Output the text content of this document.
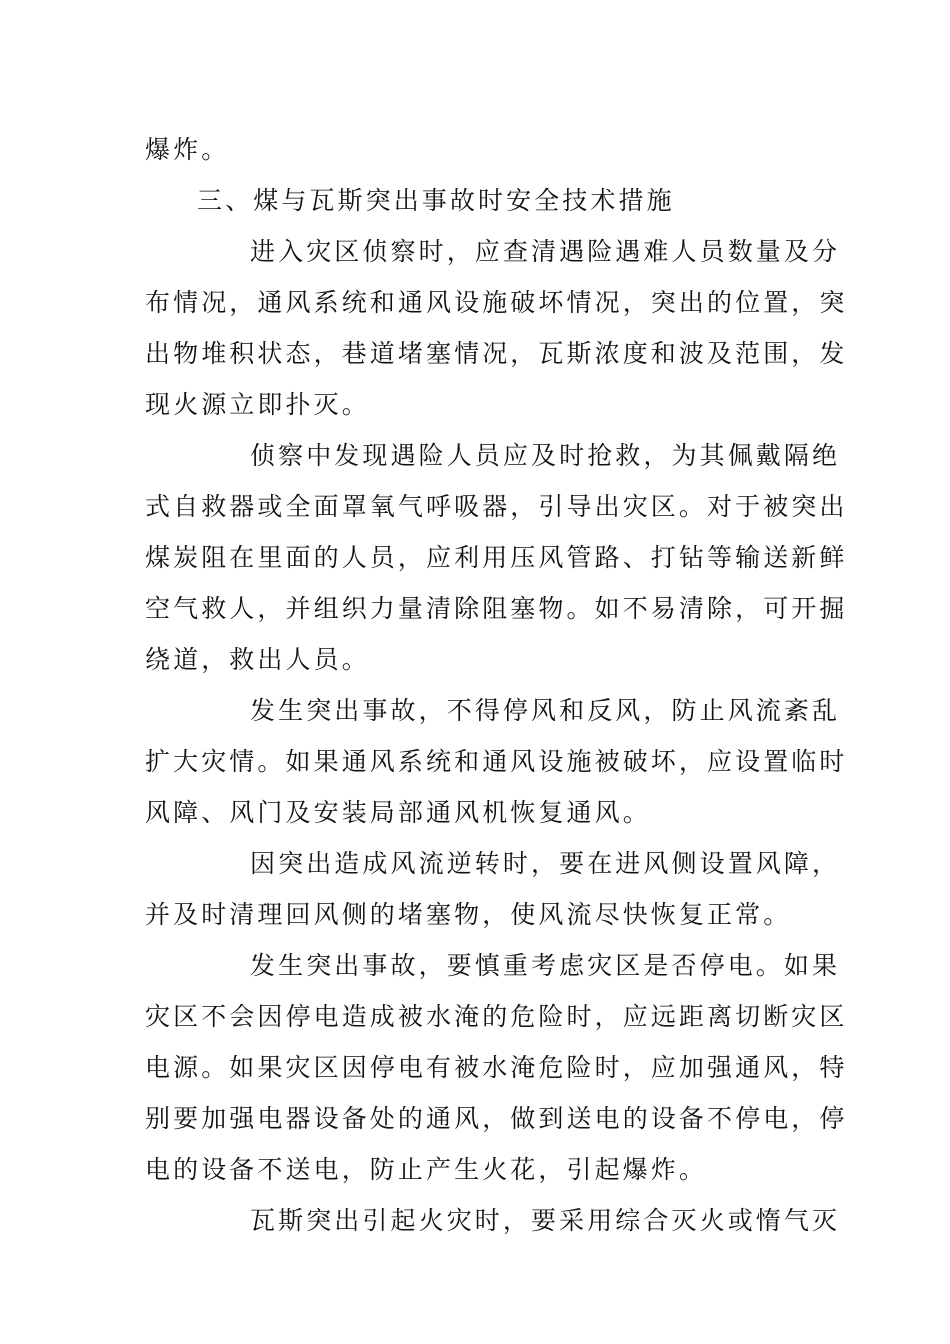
爆炸。
三、煤与瓦斯突出事故时安全技术措施
进入灾区侦察时，应查清遇险遇难人员数量及分
布情况，通风系统和通风设施破坏情况，突出的位置，突
出物堆积状态，巷道堵塞情况，瓦斯浓度和波及范围，发
现火源立即扑灭。
侦察中发现遇险人员应及时抢救，为其佩戴隔绝
式自救器或全面罩氧气呼吸器，引导出灾区。对于被突出
煤炭阻在里面的人员，应利用压风管路、打钻等输送新鲜
空气救人，并组织力量清除阻塞物。如不易清除，可开掘
绕道，救出人员。
发生突出事故，不得停风和反风，防止风流紊乱
扩大灾情。如果通风系统和通风设施被破坏，应设置临时
风障、风门及安装局部通风机恢复通风。
因突出造成风流逆转时，要在进风侧设置风障，
并及时清理回风侧的堵塞物，使风流尽快恢复正常。
发生突出事故，要慎重考虑灾区是否停电。如果
灾区不会因停电造成被水淹的危险时，应远距离切断灾区
电源。如果灾区因停电有被水淹危险时，应加强通风，特
别要加强电器设备处的通风，做到送电的设备不停电，停
电的设备不送电，防止产生火花，引起爆炸。
瓦斯突出引起火灾时，要采用综合灭火或惰气灭
